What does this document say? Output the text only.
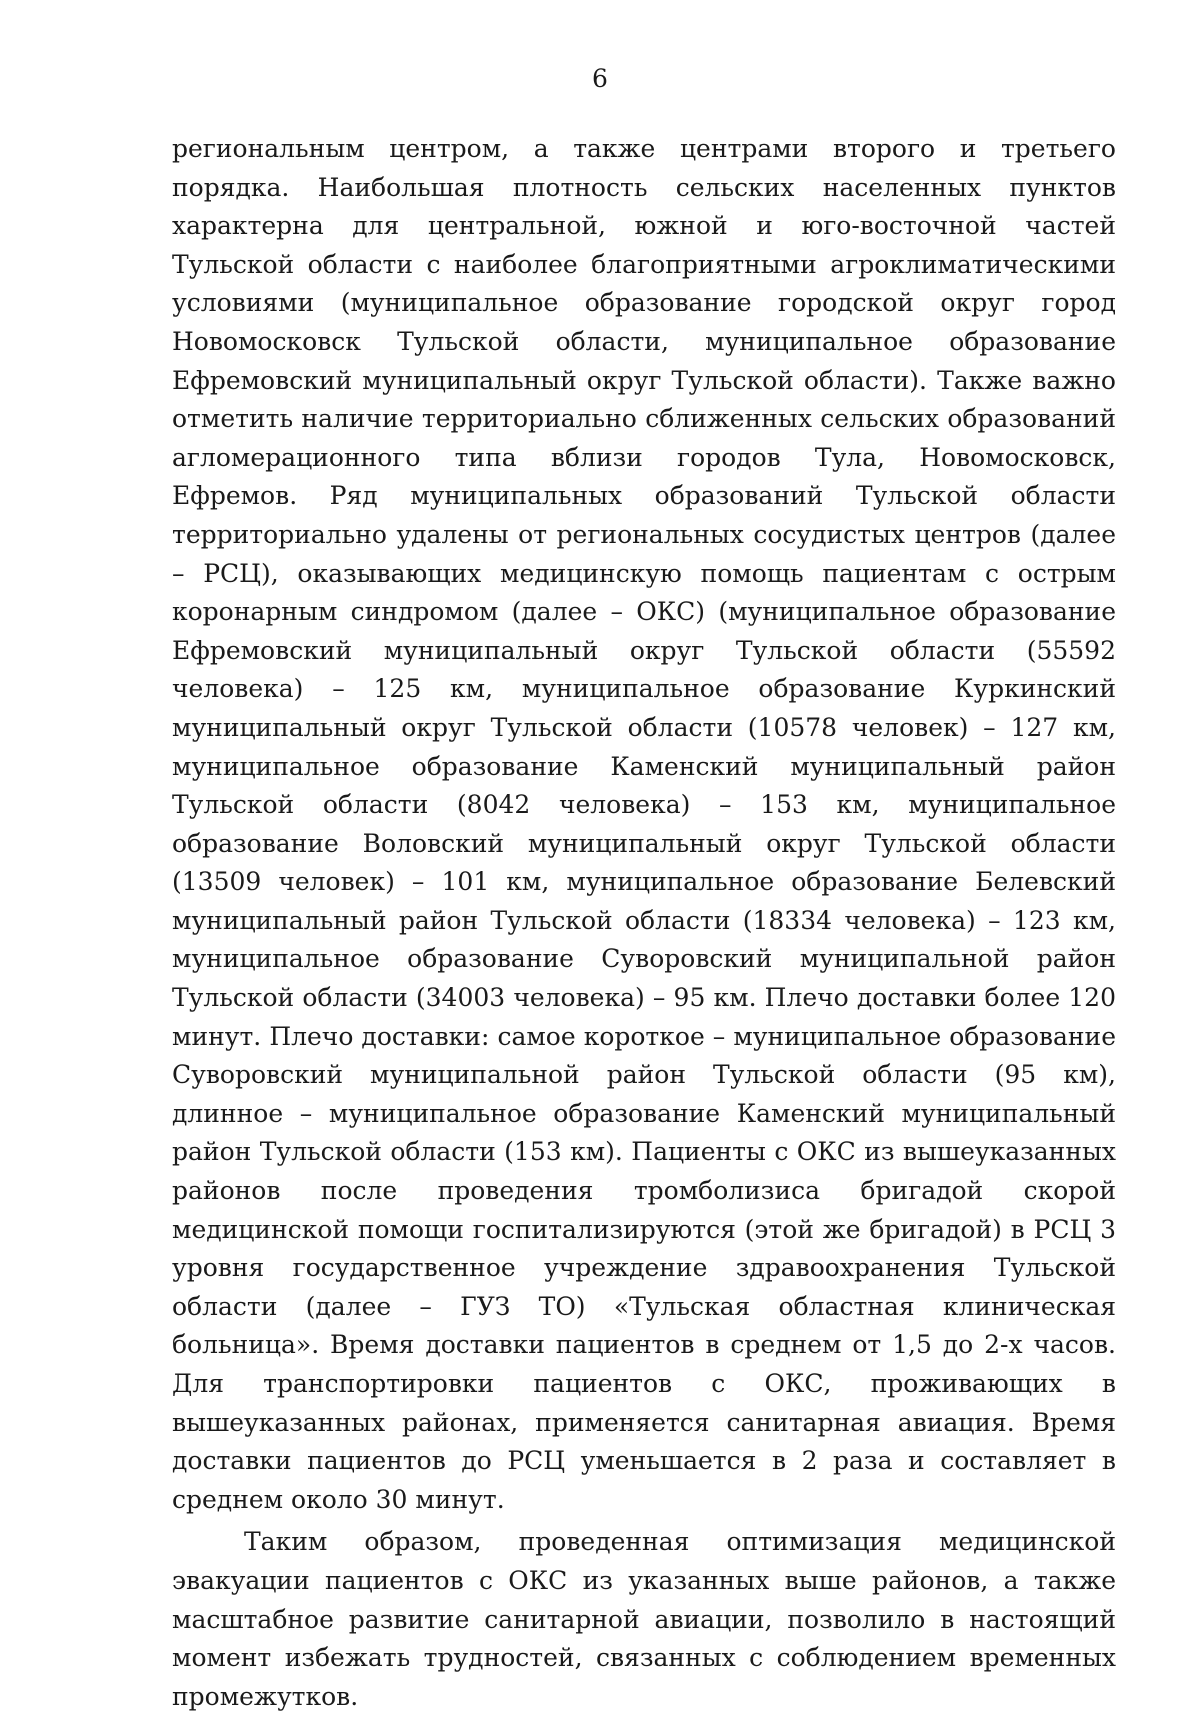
6

региональным центром, а также центрами второго и третьего порядка. Наибольшая плотность сельских населенных пунктов характерна для центральной, южной и юго-восточной частей Тульской области с наиболее благоприятными агроклиматическими условиями (муниципальное образование городской округ город Новомосковск Тульской области, муниципальное образование Ефремовский муниципальный округ Тульской области). Также важно отметить наличие территориально сближенных сельских образований агломерационного типа вблизи городов Тула, Новомосковск, Ефремов. Ряд муниципальных образований Тульской области территориально удалены от региональных сосудистых центров (далее – РСЦ), оказывающих медицинскую помощь пациентам с острым коронарным синдромом (далее – ОКС) (муниципальное образование Ефремовский муниципальный округ Тульской области (55592 человека) – 125 км, муниципальное образование Куркинский муниципальный округ Тульской области (10578 человек) – 127 км, муниципальное образование Каменский муниципальный район Тульской области (8042 человека) – 153 км, муниципальное образование Воловский муниципальный округ Тульской области (13509 человек) – 101 км, муниципальное образование Белевский муниципальный район Тульской области (18334 человека) – 123 км, муниципальное образование Суворовский муниципальной район Тульской области (34003 человека) – 95 км. Плечо доставки более 120 минут. Плечо доставки: самое короткое – муниципальное образование Суворовский муниципальной район Тульской области (95 км), длинное – муниципальное образование Каменский муниципальный район Тульской области (153 км). Пациенты с ОКС из вышеуказанных районов после проведения тромболизиса бригадой скорой медицинской помощи госпитализируются (этой же бригадой) в РСЦ 3 уровня государственное учреждение здравоохранения Тульской области (далее – ГУЗ ТО) «Тульская областная клиническая больница». Время доставки пациентов в среднем от 1,5 до 2-х часов. Для транспортировки пациентов с ОКС, проживающих в вышеуказанных районах, применяется санитарная авиация. Время доставки пациентов до РСЦ уменьшается в 2 раза и составляет в среднем около 30 минут.

Таким образом, проведенная оптимизация медицинской эвакуации пациентов с ОКС из указанных выше районов, а также масштабное развитие санитарной авиации, позволило в настоящий момент избежать трудностей, связанных с соблюдением временных промежутков.
